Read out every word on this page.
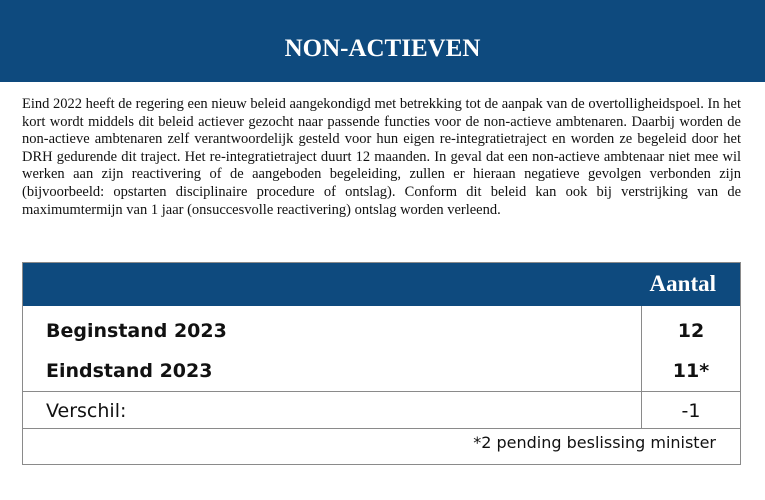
NON-ACTIEVEN

Eind 2022 heeft de regering een nieuw beleid aangekondigd met betrekking tot de aanpak van de overtolligheidspoel. In het kort wordt middels dit beleid actiever gezocht naar passende functies voor de non-actieve ambtenaren. Daarbij worden de non-actieve ambtenaren zelf verantwoordelijk gesteld voor hun eigen re-integratietraject en worden ze begeleid door het DRH gedurende dit traject. Het re-integratietraject duurt 12 maanden. In geval dat een non-actieve ambtenaar niet mee wil werken aan zijn reactivering of de aangeboden begeleiding, zullen er hieraan negatieve gevolgen verbonden zijn (bijvoorbeeld: opstarten disciplinaire procedure of ontslag). Conform dit beleid kan ook bij verstrijking van de maximumtermijn van 1 jaar (onsuccesvolle reactivering) ontslag worden verleend.

Aantal
Beginstand 2023	12
Eindstand 2023	11*
Verschil:	-1
*2 pending beslissing minister
